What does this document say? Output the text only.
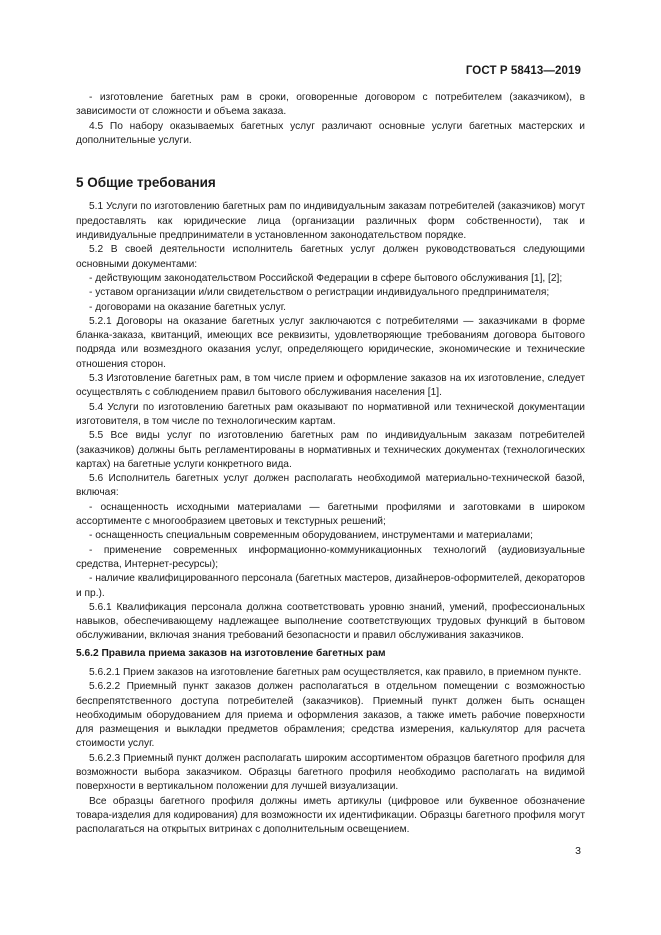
ГОСТ Р 58413—2019

- изготовление багетных рам в сроки, оговоренные договором с потребителем (заказчиком), в зависимости от сложности и объема заказа.

4.5 По набору оказываемых багетных услуг различают основные услуги багетных мастерских и дополнительные услуги.

5 Общие требования

5.1 Услуги по изготовлению багетных рам по индивидуальным заказам потребителей (заказчиков) могут предоставлять как юридические лица (организации различных форм собственности), так и индивидуальные предприниматели в установленном законодательством порядке.

5.2 В своей деятельности исполнитель багетных услуг должен руководствоваться следующими основными документами:

- действующим законодательством Российской Федерации в сфере бытового обслуживания [1], [2];

- уставом организации и/или свидетельством о регистрации индивидуального предпринимателя;

- договорами на оказание багетных услуг.

5.2.1 Договоры на оказание багетных услуг заключаются с потребителями — заказчиками в форме бланка-заказа, квитанций, имеющих все реквизиты, удовлетворяющие требованиям договора бытового подряда или возмездного оказания услуг, определяющего юридические, экономические и технические отношения сторон.

5.3 Изготовление багетных рам, в том числе прием и оформление заказов на их изготовление, следует осуществлять с соблюдением правил бытового обслуживания населения [1].

5.4 Услуги по изготовлению багетных рам оказывают по нормативной или технической документации изготовителя, в том числе по технологическим картам.

5.5 Все виды услуг по изготовлению багетных рам по индивидуальным заказам потребителей (заказчиков) должны быть регламентированы в нормативных и технических документах (технологических картах) на багетные услуги конкретного вида.

5.6 Исполнитель багетных услуг должен располагать необходимой материально-технической базой, включая:

- оснащенность исходными материалами — багетными профилями и заготовками в широком ассортименте с многообразием цветовых и текстурных решений;

- оснащенность специальным современным оборудованием, инструментами и материалами;

- применение современных информационно-коммуникационных технологий (аудиовизуальные средства, Интернет-ресурсы);

- наличие квалифицированного персонала (багетных мастеров, дизайнеров-оформителей, декораторов и пр.).

5.6.1 Квалификация персонала должна соответствовать уровню знаний, умений, профессиональных навыков, обеспечивающему надлежащее выполнение соответствующих трудовых функций в бытовом обслуживании, включая знания требований безопасности и правил обслуживания заказчиков.

5.6.2 Правила приема заказов на изготовление багетных рам

5.6.2.1 Прием заказов на изготовление багетных рам осуществляется, как правило, в приемном пункте.

5.6.2.2 Приемный пункт заказов должен располагаться в отдельном помещении с возможностью беспрепятственного доступа потребителей (заказчиков). Приемный пункт должен быть оснащен необходимым оборудованием для приема и оформления заказов, а также иметь рабочие поверхности для размещения и выкладки предметов обрамления; средства измерения, калькулятор для расчета стоимости услуг.

5.6.2.3 Приемный пункт должен располагать широким ассортиментом образцов багетного профиля для возможности выбора заказчиком. Образцы багетного профиля необходимо располагать на видимой поверхности в вертикальном положении для лучшей визуализации.

Все образцы багетного профиля должны иметь артикулы (цифровое или буквенное обозначение товара-изделия для кодирования) для возможности их идентификации. Образцы багетного профиля могут располагаться на открытых витринах с дополнительным освещением.

3
